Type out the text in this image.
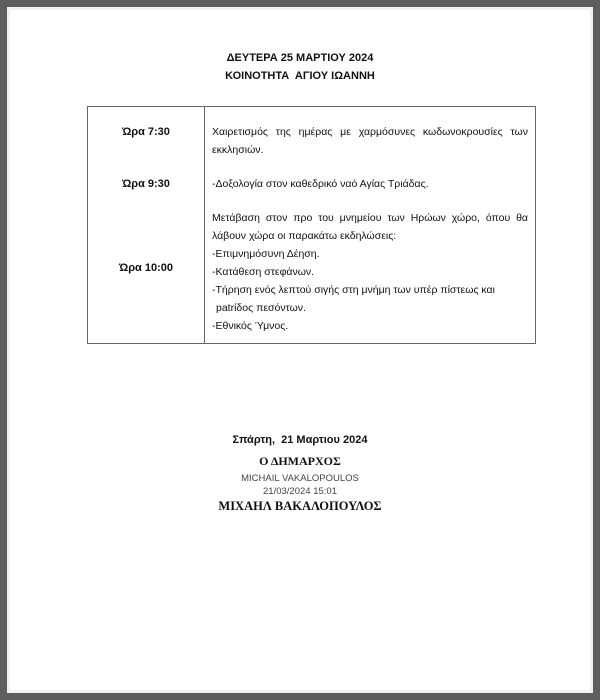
ΔΕΥΤΕΡΑ 25 ΜΑΡΤΙΟΥ 2024
ΚΟΙΝΟΤΗΤΑ  ΑΓΙΟΥ ΙΩΑΝΝΗ
Ώρα 7:30	Χαιρετισμός της ημέρας με χαρμόσυνες κωδωνοκρουσίες των
εκκλησιών.
Ώρα 9:30	-Δοξολογία στον καθεδρικό ναό Αγίας Τριάδας.
Ώρα 10:00
Μετάβαση στον προ του μνημείου των Ηρώων χώρο, όπου θα
λάβουν χώρα οι παρακάτω εκδηλώσεις:
-Επιμνημόσυνη Δέηση.
-Κατάθεση στεφάνων.
-Τήρηση ενός λεπτού σιγής στη μνήμη των υπέρ πίστεως και
patrίδος πεσόντων.
-Εθνικός Ύμνος.
Σπάρτη,  21 Μαρτιου 2024
Ο ΔΗΜΑΡΧΟΣ
MICHAIL VAKALOPOULOS
21/03/2024 15:01
ΜΙΧΑΗΛ ΒΑΚΑΛΟΠΟΥΛΟΣ
